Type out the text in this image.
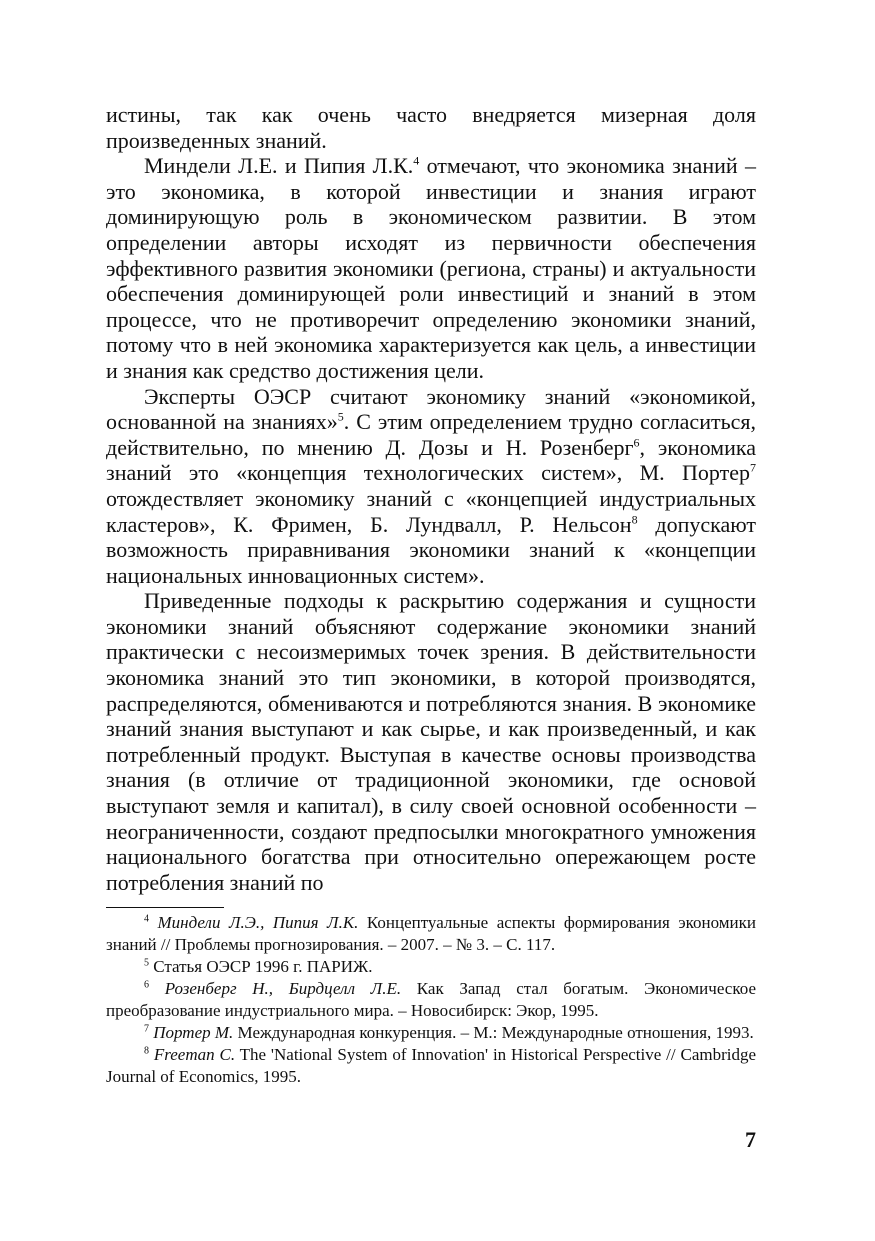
истины, так как очень часто внедряется мизерная доля произведенных знаний.

Миндели Л.Е. и Пипия Л.К.$^4$ отмечают, что экономика знаний – это экономика, в которой инвестиции и знания играют доминирующую роль в экономическом развитии. В этом определении авторы исходят из первичности обеспечения эффективного развития экономики (региона, страны) и актуальности обеспечения доминирующей роли инвестиций и знаний в этом процессе, что не противоречит определению экономики знаний, потому что в ней экономика характеризуется как цель, а инвестиции и знания как средство достижения цели.

Эксперты ОЭСР считают экономику знаний «экономикой, основанной на знаниях»$^5$. С этим определением трудно согласиться, действительно, по мнению Д. Дозы и Н. Розенберг$^6$, экономика знаний это «концепция технологических систем», М. Портер$^7$ отождествляет экономику знаний с «концепцией индустриальных кластеров», К. Фримен, Б. Лундвалл, Р. Нельсон$^8$ допускают возможность приравнивания экономики знаний к «концепции национальных инновационных систем».

Приведенные подходы к раскрытию содержания и сущности экономики знаний объясняют содержание экономики знаний практически с несоизмеримых точек зрения. В действительности экономика знаний это тип экономики, в которой производятся, распределяются, обмениваются и потребляются знания. В экономике знаний знания выступают и как сырье, и как произведенный, и как потребленный продукт. Выступая в качестве основы производства знания (в отличие от традиционной экономики, где основой выступают земля и капитал), в силу своей основной особенности – неограниченности, создают предпосылки многократного умножения национального богатства при относительно опережающем росте потребления знаний по

$^4$ Миндели Л.Э., Пипия Л.К. Концептуальные аспекты формирования экономики знаний // Проблемы прогнозирования. – 2007. – № 3. – С. 117.

$^5$ Статья ОЭСР 1996 г. ПАРИЖ.

$^6$ Розенберг Н., Бирдцелл Л.Е. Как Запад стал богатым. Экономическое преобразование индустриального мира. – Новосибирск: Экор, 1995.

$^7$ Портер М. Международная конкуренция. – М.: Международные отношения, 1993.

$^8$ Freeman C. The 'National System of Innovation' in Historical Perspective // Cambridge Journal of Economics, 1995.

7
